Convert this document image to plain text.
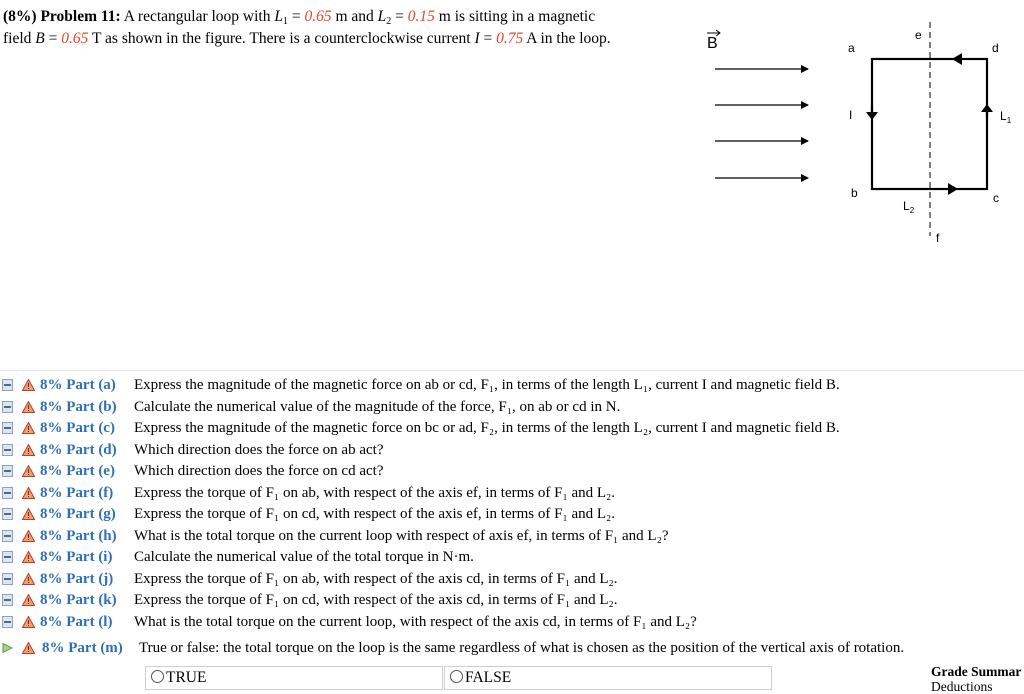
(8%) Problem 11: A rectangular loop with $L_1 = 0.65$ m and $L_2 = 0.15$ m is sitting in a magnetic
field B = 0.65 T as shown in the figure. There is a counterclockwise current I = 0.75 A in the loop.	B	a
b	c
d
e
f
I	$L_1$
$L_2$
8% Part (a) Express the magnitude of the magnetic force on ab or cd, F₁, in terms of the length L₁, current I and magnetic field B.
8% Part (b) Calculate the numerical value of the magnitude of the force, F₁, on ab or cd in N.
8% Part (c) Express the magnitude of the magnetic force on bc or ad, F₂, in terms of the length L₂, current I and magnetic field B.
8% Part (d) Which direction does the force on ab act?
8% Part (e) Which direction does the force on cd act?
8% Part (f) Express the torque of F₁ on ab, with respect of the axis ef, in terms of F₁ and L₂.
8% Part (g) Express the torque of F₁ on cd, with respect of the axis ef, in terms of F₁ and L₂.
8% Part (h) What is the total torque on the current loop with respect of axis ef, in terms of F₁ and L₂?
8% Part (i) Calculate the numerical value of the total torque in N·m.
8% Part (j) Express the torque of F₁ on ab, with respect of the axis cd, in terms of F₁ and L₂.
8% Part (k) Express the torque of F₁ on cd, with respect of the axis cd, in terms of F₁ and L₂.
8% Part (l) What is the total torque on the current loop, with respect of the axis cd, in terms of F₁ and L₂?
8% Part (m) True or false: the total torque on the loop is the same regardless of what is chosen as the position of the vertical axis of rotation.
TRUE	FALSE	Grade Summar
Deductions
